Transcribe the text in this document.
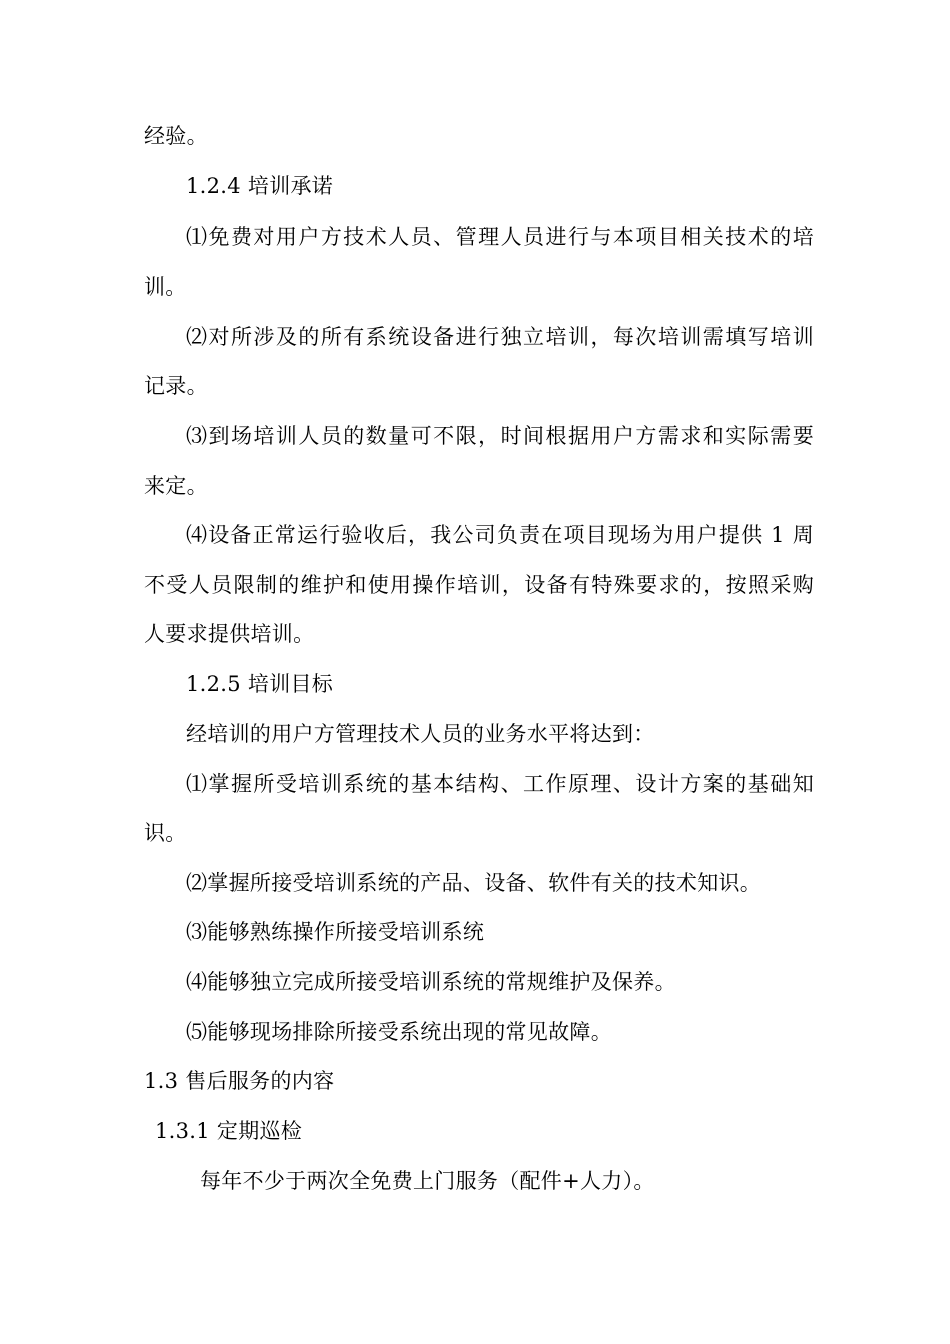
经验。
1.2.4 培训承诺
⑴免费对用户方技术人员、管理人员进行与本项目相关技术的培
训。
⑵对所涉及的所有系统设备进行独立培训，每次培训需填写培训
记录。
⑶到场培训人员的数量可不限，时间根据用户方需求和实际需要
来定。
⑷设备正常运行验收后，我公司负责在项目现场为用户提供 1 周
不受人员限制的维护和使用操作培训，设备有特殊要求的，按照采购
人要求提供培训。
1.2.5 培训目标
经培训的用户方管理技术人员的业务水平将达到：
⑴掌握所受培训系统的基本结构、工作原理、设计方案的基础知
识。
⑵掌握所接受培训系统的产品、设备、软件有关的技术知识。
⑶能够熟练操作所接受培训系统
⑷能够独立完成所接受培训系统的常规维护及保养。
⑸能够现场排除所接受系统出现的常见故障。
1.3 售后服务的内容
1.3.1 定期巡检
每年不少于两次全免费上门服务（配件+人力）。
